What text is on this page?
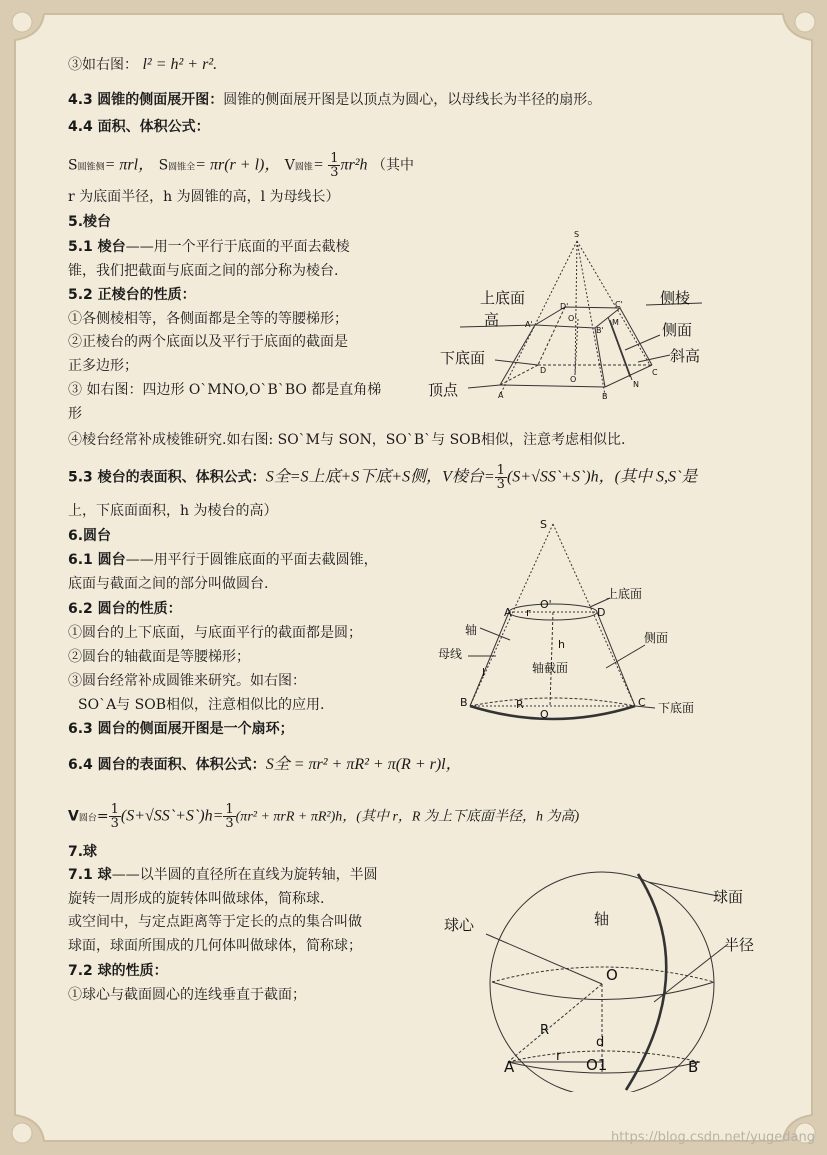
③如右图： l² = h² + r².
4.3 圆锥的侧面展开图：圆锥的侧面展开图是以顶点为圆心，以母线长为半径的扇形。
4.4 面积、体积公式：
S圆锥侧= πrl， S圆锥全= πr(r + l)， V圆锥= $\frac{1}{3} \pi r^2h$ （其中
r 为底面半径，h 为圆锥的高，l 为母线长）
5.棱台
5.1 棱台——用一个平行于底面的平面去截棱
锥，我们把截面与底面之间的部分称为棱台.
5.2 正棱台的性质：
①各侧棱相等，各侧面都是全等的等腰梯形；
②正棱台的两个底面以及平行于底面的截面是
正多边形；
③ 如右图：四边形 O`MNO,O`B`BO 都是直角梯
形
④棱台经常补成棱锥研究.如右图: SO`M与 SON，SO`B`与 SOB相似，注意考虑相似比.
5.3 棱台的表面积、体积公式：S全=S上底+S下底+S侧，V棱台= $\frac{1}{3}$ (S+√SS`+S`)h，(其中 S,S`是
上，下底面面积，h 为棱台的高）
6.圆台
6.1 圆台——用平行于圆锥底面的平面去截圆锥，
底面与截面之间的部分叫做圆台.
6.2 圆台的性质：
①圆台的上下底面，与底面平行的截面都是圆；
②圆台的轴截面是等腰梯形；
③圆台经常补成圆锥来研究。如右图：
SO`A与 SOB相似，注意相似比的应用.
6.3 圆台的侧面展开图是一个扇环；
6.4 圆台的表面积、体积公式：S全 = πr² + πR² + π(R + r)l，
V圆台= $\frac{1}{3}$ (S+√SS`+S`)h= $\frac{1}{3} (\pi r^2 + \pi rR + \pi R^2)h$，(其中 r，R 为上下底面半径，h 为高)
7.球
7.1 球——以半圆的直径所在直线为旋转轴，半圆
旋转一周形成的旋转体叫做球体，简称球.
或空间中，与定点距离等于定长的点的集合叫做
球面，球面所围成的几何体叫做球体，简称球；
7.2 球的性质：
①球心与截面圆心的连线垂直于截面；
S
D'	C'
A'
O'
B'
M
D
O
A	B
N
C
上底面
高
下底面
顶点
侧棱
侧面
斜高
S
A r
O'
D
上底面
轴
h	侧面
母线
l	轴截面
B	R
O
C 下底面
球面
轴
球心
半径
O
R
d
r O1
A	B
https://blog.csdn.net/yugedang
